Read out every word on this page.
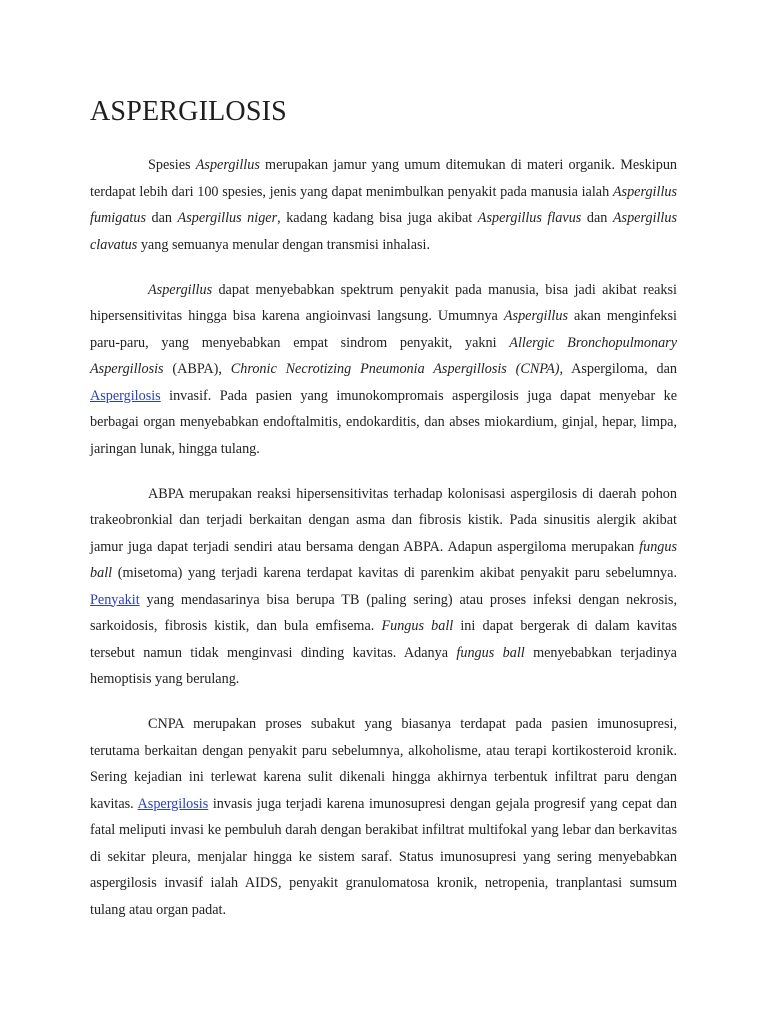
ASPERGILOSIS

Spesies Aspergillus merupakan jamur yang umum ditemukan di materi organik. Meskipun terdapat lebih dari 100 spesies, jenis yang dapat menimbulkan penyakit pada manusia ialah Aspergillus fumigatus dan Aspergillus niger, kadang kadang bisa juga akibat Aspergillus flavus dan Aspergillus clavatus yang semuanya menular dengan transmisi inhalasi.

Aspergillus dapat menyebabkan spektrum penyakit pada manusia, bisa jadi akibat reaksi hipersensitivitas hingga bisa karena angioinvasi langsung. Umumnya Aspergillus akan menginfeksi paru-paru, yang menyebabkan empat sindrom penyakit, yakni Allergic Bronchopulmonary Aspergillosis (ABPA), Chronic Necrotizing Pneumonia Aspergillosis (CNPA), Aspergiloma, dan Aspergilosis invasif. Pada pasien yang imunokompromais aspergilosis juga dapat menyebar ke berbagai organ menyebabkan endoftalmitis, endokarditis, dan abses miokardium, ginjal, hepar, limpa, jaringan lunak, hingga tulang.

ABPA merupakan reaksi hipersensitivitas terhadap kolonisasi aspergilosis di daerah pohon trakeobronkial dan terjadi berkaitan dengan asma dan fibrosis kistik. Pada sinusitis alergik akibat jamur juga dapat terjadi sendiri atau bersama dengan ABPA. Adapun aspergiloma merupakan fungus ball (misetoma) yang terjadi karena terdapat kavitas di parenkim akibat penyakit paru sebelumnya. Penyakit yang mendasarinya bisa berupa TB (paling sering) atau proses infeksi dengan nekrosis, sarkoidosis, fibrosis kistik, dan bula emfisema. Fungus ball ini dapat bergerak di dalam kavitas tersebut namun tidak menginvasi dinding kavitas. Adanya fungus ball menyebabkan terjadinya hemoptisis yang berulang.

CNPA merupakan proses subakut yang biasanya terdapat pada pasien imunosupresi, terutama berkaitan dengan penyakit paru sebelumnya, alkoholisme, atau terapi kortikosteroid kronik. Sering kejadian ini terlewat karena sulit dikenali hingga akhirnya terbentuk infiltrat paru dengan kavitas. Aspergilosis invasis juga terjadi karena imunosupresi dengan gejala progresif yang cepat dan fatal meliputi invasi ke pembuluh darah dengan berakibat infiltrat multifokal yang lebar dan berkavitas di sekitar pleura, menjalar hingga ke sistem saraf. Status imunosupresi yang sering menyebabkan aspergilosis invasif ialah AIDS, penyakit granulomatosa kronik, netropenia, tranplantasi sumsum tulang atau organ padat.
